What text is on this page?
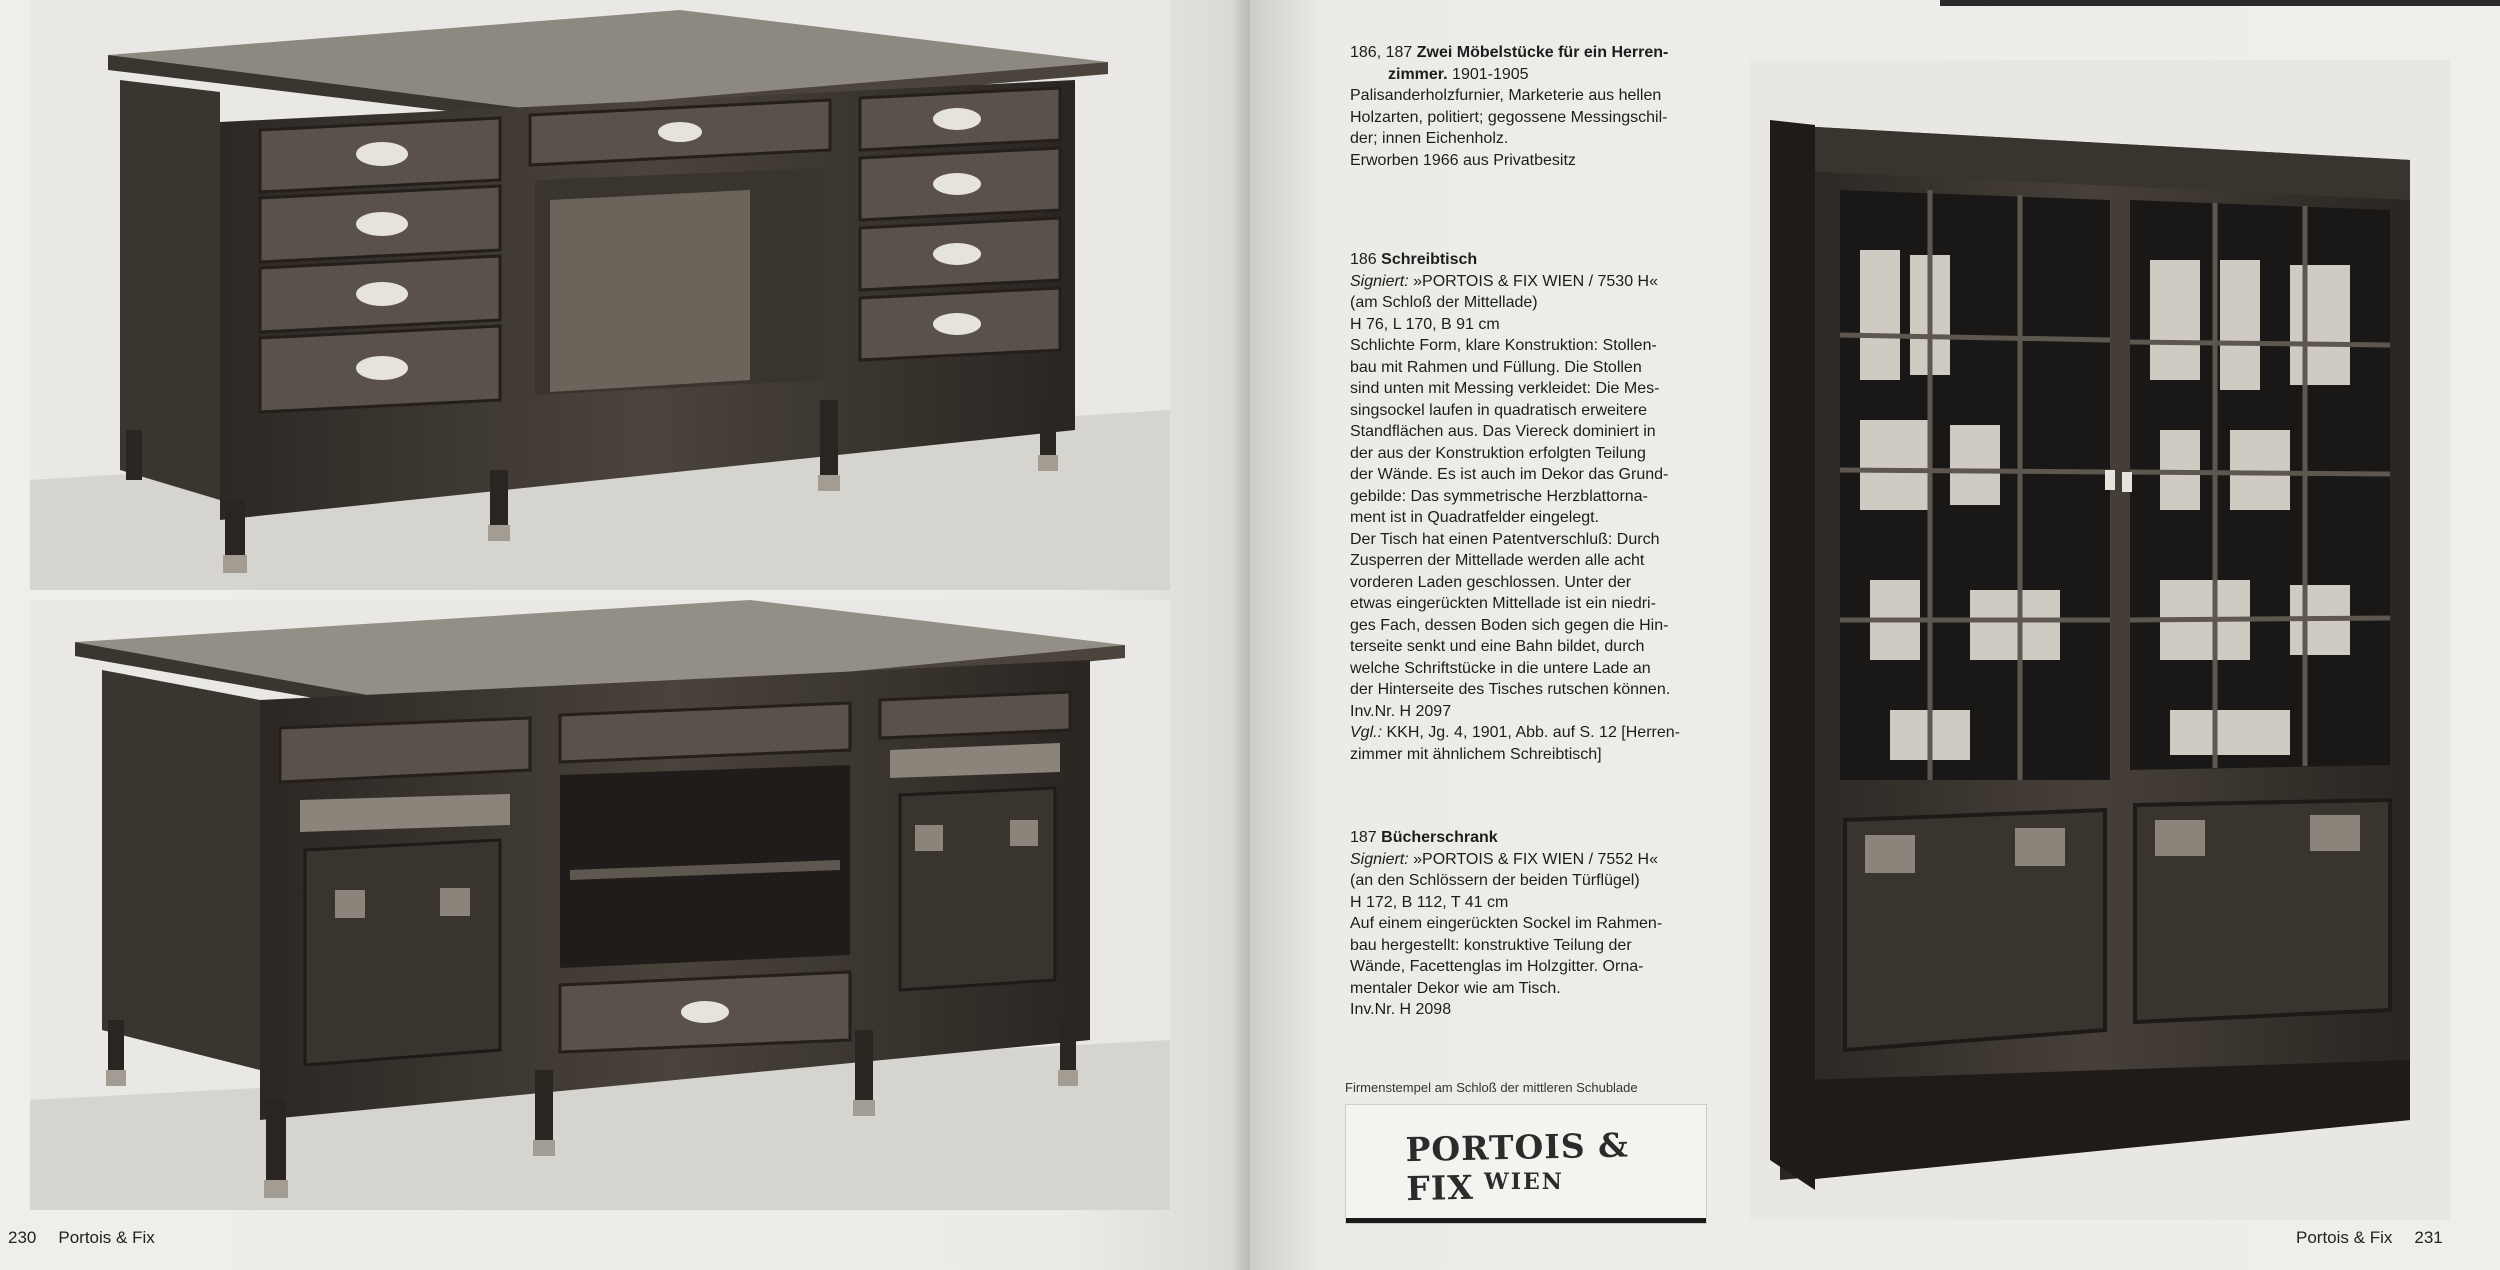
230 Portois & Fix	Portois & Fix 231

186, 187 Zwei Möbelstücke für ein Herren-

zimmer. 1901-1905

Palisanderholzfurnier, Marketerie aus hellen

Holzarten, politiert; gegossene Messingschil-

der; innen Eichenholz.

Erworben 1966 aus Privatbesitz

186 Schreibtisch

Signiert: »PORTOIS & FIX WIEN / 7530 H«

(am Schloß der Mittellade)

H 76, L 170, B 91 cm

Schlichte Form, klare Konstruktion: Stollen-

bau mit Rahmen und Füllung. Die Stollen

sind unten mit Messing verkleidet: Die Mes-

singsockel laufen in quadratisch erweitere

Standflächen aus. Das Viereck dominiert in

der aus der Konstruktion erfolgten Teilung

der Wände. Es ist auch im Dekor das Grund-

gebilde: Das symmetrische Herzblattorna-

ment ist in Quadratfelder eingelegt.

Der Tisch hat einen Patentverschluß: Durch

Zusperren der Mittellade werden alle acht

vorderen Laden geschlossen. Unter der

etwas eingerückten Mittellade ist ein niedri-

ges Fach, dessen Boden sich gegen die Hin-

terseite senkt und eine Bahn bildet, durch

welche Schriftstücke in die untere Lade an

der Hinterseite des Tisches rutschen können.

Inv.Nr. H 2097

Vgl.: KKH, Jg. 4, 1901, Abb. auf S. 12 [Herren-

zimmer mit ähnlichem Schreibtisch]

187 Bücherschrank

Signiert: »PORTOIS & FIX WIEN / 7552 H«

(an den Schlössern der beiden Türflügel)

H 172, B 112, T 41 cm

Auf einem eingerückten Sockel im Rahmen-

bau hergestellt: konstruktive Teilung der

Wände, Facettenglas im Holzgitter. Orna-

mentaler Dekor wie am Tisch.

Inv.Nr. H 2098

Firmenstempel am Schloß der mittleren Schublade
PORTOIS & FIX WIEN
